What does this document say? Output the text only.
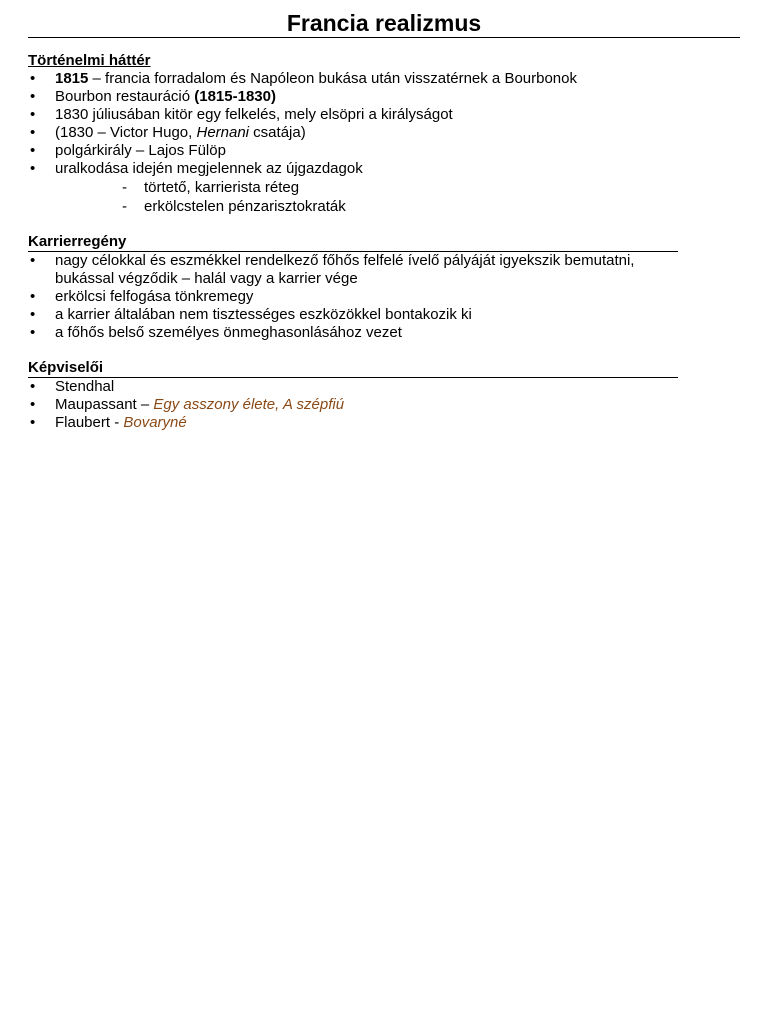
Francia realizmus
Történelmi háttér
• 1815 – francia forradalom és Napóleon bukása után visszatérnek a Bourbonok
• Bourbon restauráció (1815-1830)
• 1830 júliusában kitör egy felkelés, mely elsöpri a királyságot
• (1830 – Victor Hugo, Hernani csatája)
• polgárkirály – Lajos Fülöp
• uralkodása idején megjelennek az újgazdagok
- törtető, karrierista réteg
- erkölcstelen pénzarisztokraták
Karrierregény
• nagy célokkal és eszmékkel rendelkező főhős felfelé ívelő pályáját igyekszik bemutatni, bukással végződik – halál vagy a karrier vége
• erkölcsi felfogása tönkremegy
• a karrier általában nem tisztességes eszközökkel bontakozik ki
• a főhős belső személyes önmeghasonlásához vezet
Képviselői
• Stendhal
• Maupassant – Egy asszony élete, A szépfiú
• Flaubert - Bovaryné
